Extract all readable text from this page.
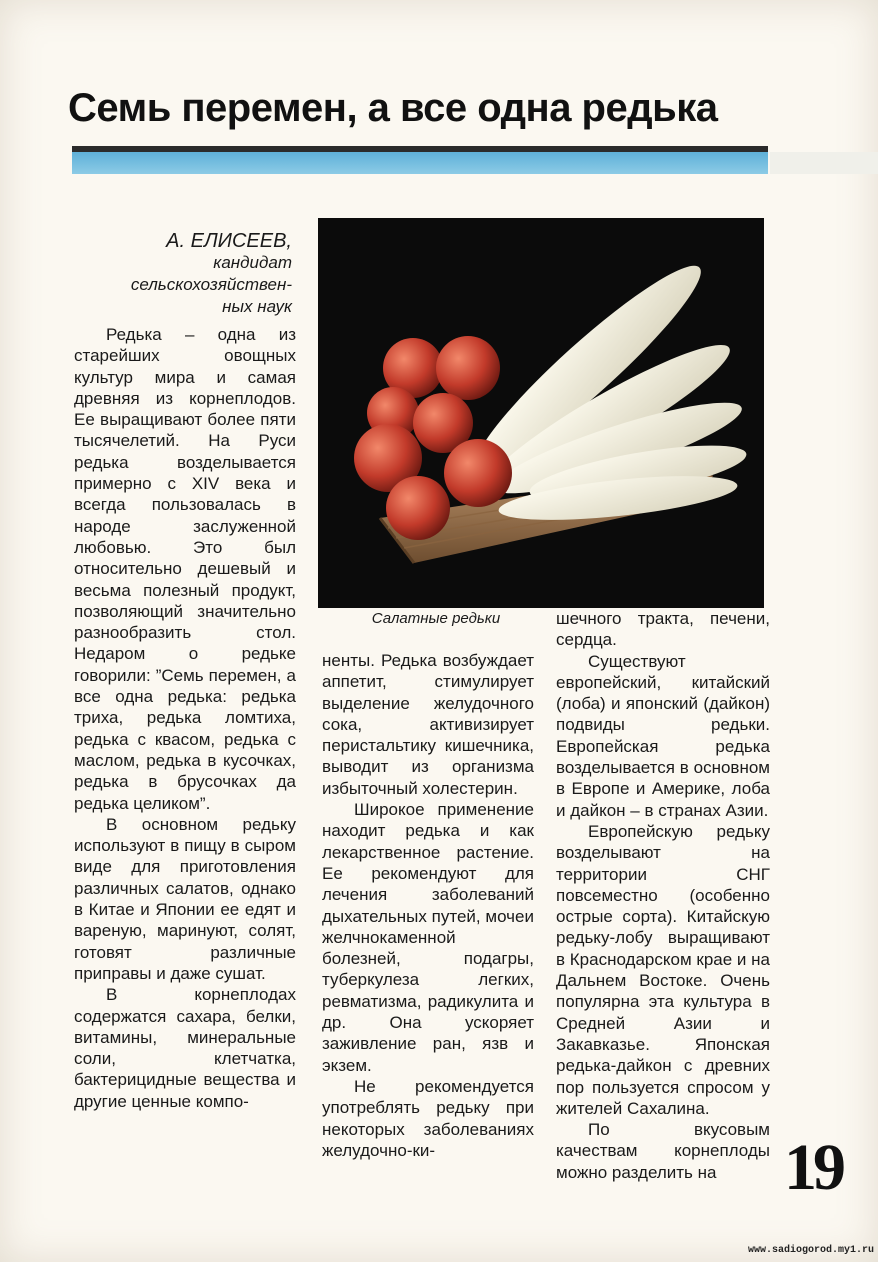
Семь перемен, а все одна редька
А. ЕЛИСЕЕВ,
кандидат
сельскохозяйствен-
ных наук

Редька – одна из старейших овощных культур мира и самая древняя из корнеплодов. Ее выращивают более пяти тысячелетий. На Руси редька возделывается примерно с XIV века и всегда пользовалась в народе заслуженной любовью. Это был относительно дешевый и весьма полезный продукт, позволяющий значительно разнообразить стол. Недаром о редьке говорили: ”Семь перемен, а все одна редька: редька триха, редька ломтиха, редька с квасом, редька с маслом, редька в кусочках, редька в брусочках да редька целиком”.

В основном редьку используют в пищу в сыром виде для приготовления различных салатов, однако в Китае и Японии ее едят и вареную, маринуют, солят, готовят различные приправы и даже сушат.

В корнеплодах содержатся сахара, белки, витамины, минеральные соли, клетчатка, бактерицидные вещества и другие ценные компо-

Салатные редьки

ненты. Редька возбуждает аппетит, стимулирует выделение желудочного сока, активизирует перистальтику кишечника, выводит из организма избыточный холестерин.

Широкое применение находит редька и как лекарственное растение. Ее рекомендуют для лечения заболеваний дыхательных путей, мочеи желчнокаменной болезней, подагры, туберкулеза легких, ревматизма, радикулита и др. Она ускоряет заживление ран, язв и экзем.

Не рекомендуется употреблять редьку при некоторых заболеваниях желудочно-ки-

шечного тракта, печени, сердца.

Существуют европейский, китайский (лоба) и японский (дайкон) подвиды редьки. Европейская редька возделывается в основном в Европе и Америке, лоба и дайкон – в странах Азии.

Европейскую редьку возделывают на территории СНГ повсеместно (особенно острые сорта). Китайскую редьку-лобу выращивают в Краснодарском крае и на Дальнем Востоке. Очень популярна эта культура в Средней Азии и Закавказье. Японская редька-дайкон с древних пор пользуется спросом у жителей Сахалина.

По вкусовым качествам корнеплоды можно разделить на	19
www.sadiogorod.my1.ru
